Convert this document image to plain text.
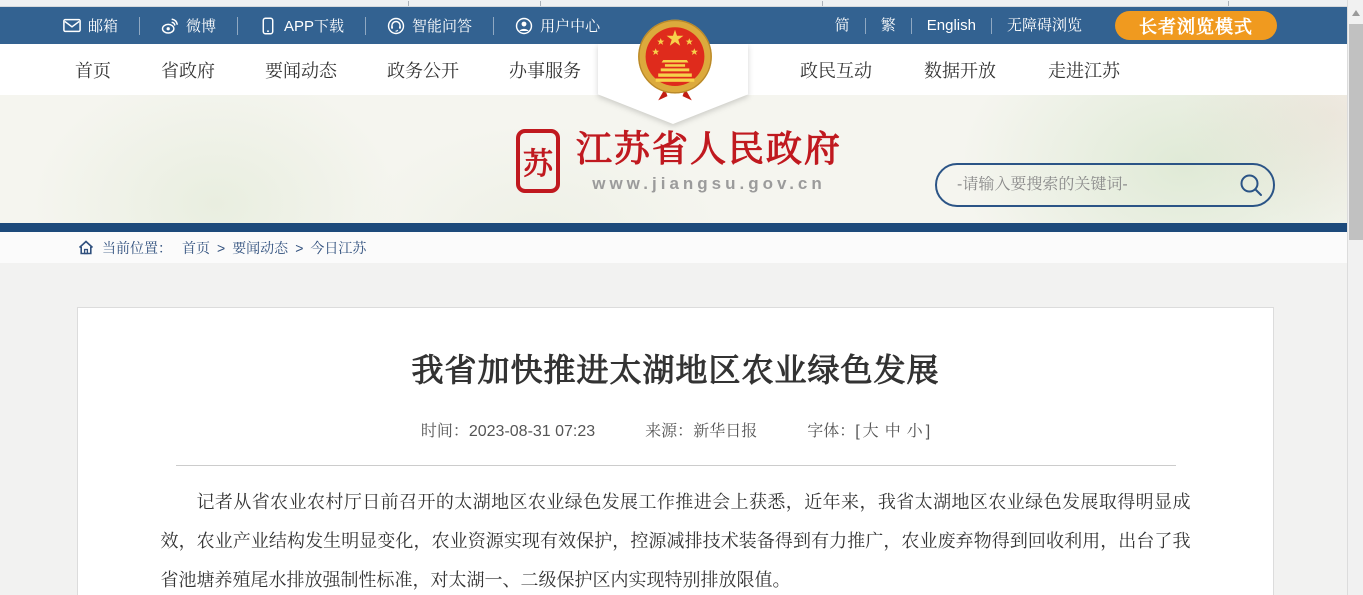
邮箱	微博	APP下载	智能问答	用户中心	简	繁	English	无障碍浏览	长者浏览模式
首页	省政府	要闻动态	政务公开	办事服务	政民互动	数据开放	走进江苏
苏 江苏省人民政府
www.jiangsu.gov.cn
-请输入要搜索的关键词-
当前位置： 首页 > 要闻动态 > 今日江苏
我省加快推进太湖地区农业绿色发展
时间：2023-08-31 07:23	来源：新华日报	字体：[ 大 中 小 ]

记者从省农业农村厅日前召开的太湖地区农业绿色发展工作推进会上获悉，近年来，我省太湖地区农业绿色发展取得明显成效，农业产业结构发生明显变化，农业资源实现有效保护，控源减排技术装备得到有力推广，农业废弃物得到回收利用，出台了我省池塘养殖尾水排放强制性标准，对太湖一、二级保护区内实现特别排放限值。
